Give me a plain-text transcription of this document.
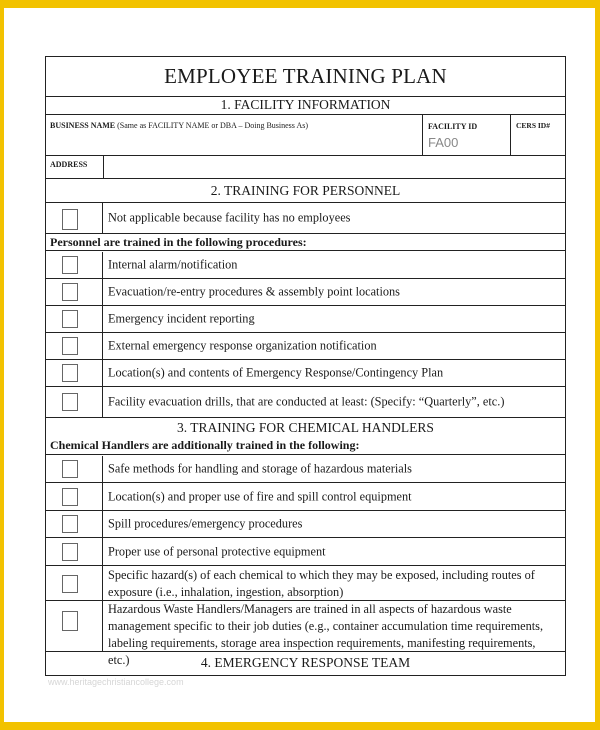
EMPLOYEE TRAINING PLAN
1. FACILITY INFORMATION
BUSINESS NAME (Same as FACILITY NAME or DBA – Doing Business As)	FACILITY ID
FA00
CERS ID#
ADDRESS
2. TRAINING FOR PERSONNEL
Not applicable because facility has no employees
Personnel are trained in the following procedures:
Internal alarm/notification
Evacuation/re-entry procedures & assembly point locations
Emergency incident reporting
External emergency response organization notification
Location(s) and contents of Emergency Response/Contingency Plan
Facility evacuation drills, that are conducted at least: (Specify: “Quarterly”, etc.)
3. TRAINING FOR CHEMICAL HANDLERS
Chemical Handlers are additionally trained in the following:
Safe methods for handling and storage of hazardous materials
Location(s) and proper use of fire and spill control equipment
Spill procedures/emergency procedures
Proper use of personal protective equipment
Specific hazard(s) of each chemical to which they may be exposed, including routes of exposure (i.e., inhalation, ingestion, absorption)
Hazardous Waste Handlers/Managers are trained in all aspects of hazardous waste management specific to their job duties (e.g., container accumulation time requirements, labeling requirements, storage area inspection requirements, manifesting requirements, etc.)	4. EMERGENCY RESPONSE TEAM
www.heritagechristiancollege.com
